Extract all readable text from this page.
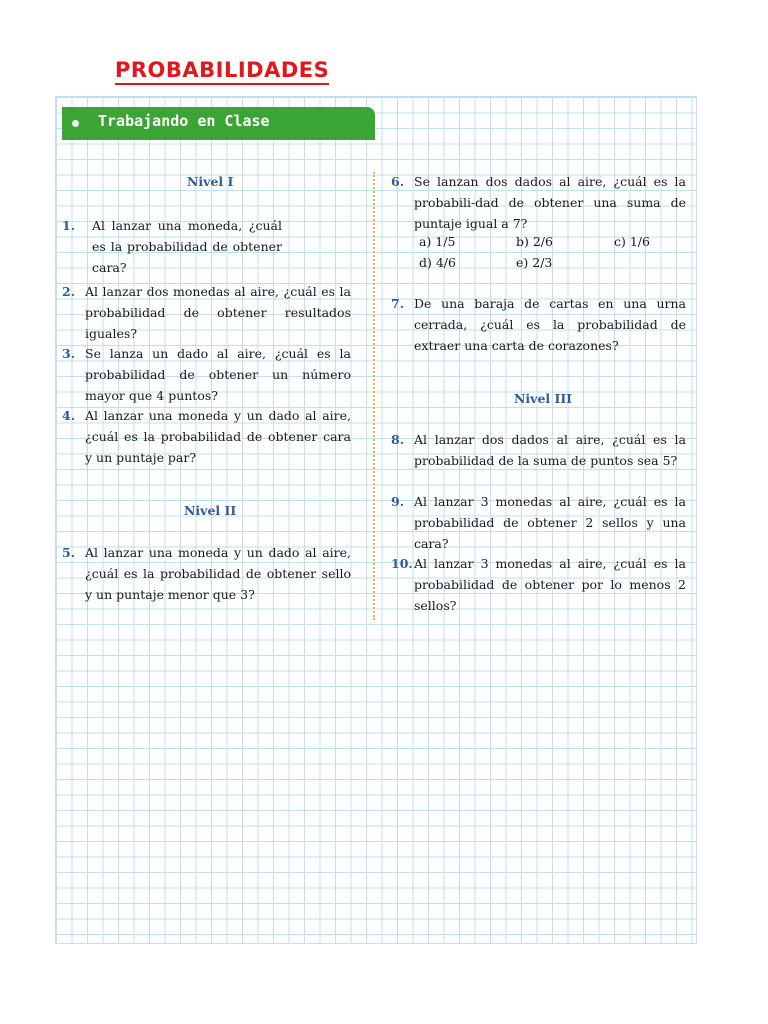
PROBABILIDADES
Trabajando en Clase
Nivel I
1. Al lanzar una moneda, ¿cuál es la probabilidad de obtener cara?
2. Al lanzar dos monedas al aire, ¿cuál es la probabilidad de obtener resultados iguales?
3. Se lanza un dado al aire, ¿cuál es la probabilidad de obtener un número mayor que 4 puntos?
4. Al lanzar una moneda y un dado al aire, ¿cuál es la probabilidad de obtener cara y un puntaje par?
Nivel II
5. Al lanzar una moneda y un dado al aire, ¿cuál es la probabilidad de obtener sello y un puntaje menor que 3?
6. Se lanzan dos dados al aire, ¿cuál es la probabili-dad de obtener una suma de puntaje igual a 7?
a) 1/5	b) 2/6	c) 1/6
d) 4/6	e) 2/3
7. De una baraja de cartas en una urna cerrada, ¿cuál es la probabilidad de extraer una carta de corazones?
Nivel III
8. Al lanzar dos dados al aire, ¿cuál es la probabilidad de la suma de puntos sea 5?
9. Al lanzar 3 monedas al aire, ¿cuál es la probabilidad de obtener 2 sellos y una cara?
10. Al lanzar 3 monedas al aire, ¿cuál es la probabilidad de obtener por lo menos 2 sellos?
